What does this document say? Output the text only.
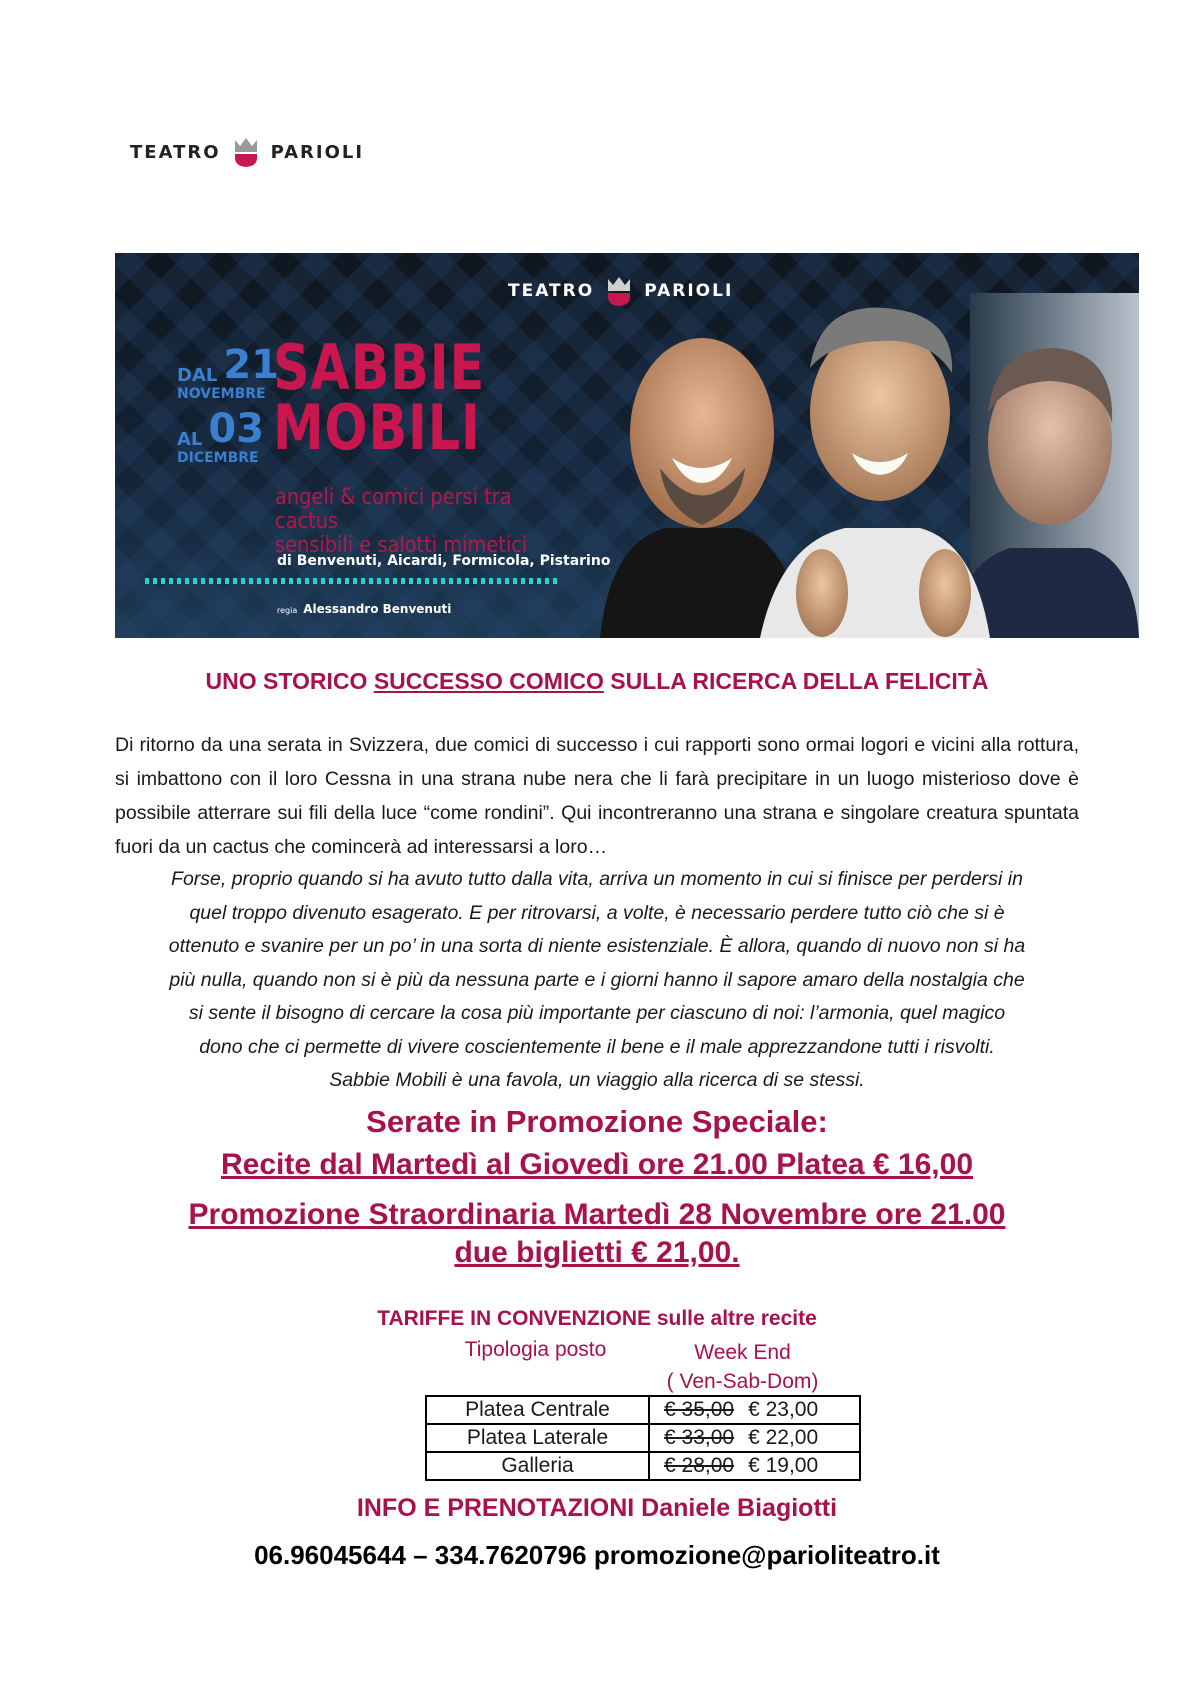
TEATRO	PARIOLI
TEATRO	PARIOLI
DAL 21
NOVEMBRE
AL 03
DICEMBRE
SABBIE
MOBILI
angeli & comici persi tra cactus
sensibili e salotti mimetici
di Benvenuti, Aicardi, Formicola, Pistarino
regia Alessandro Benvenuti
UNO STORICO SUCCESSO COMICO SULLA RICERCA DELLA FELICITÀ
Di ritorno da una serata in Svizzera, due comici di successo i cui rapporti sono ormai logori e vicini alla rottura, si imbattono con il loro Cessna in una strana nube nera che li farà precipitare in un luogo misterioso dove è possibile atterrare sui fili della luce “come rondini”. Qui incontreranno una strana e singolare creatura spuntata fuori da un cactus che comincerà ad interessarsi a loro…
Forse, proprio quando si ha avuto tutto dalla vita, arriva un momento in cui si finisce per perdersi in
quel troppo divenuto esagerato. E per ritrovarsi, a volte, è necessario perdere tutto ciò che si è
ottenuto e svanire per un po’ in una sorta di niente esistenziale. È allora, quando di nuovo non si ha
più nulla, quando non si è più da nessuna parte e i giorni hanno il sapore amaro della nostalgia che
si sente il bisogno di cercare la cosa più importante per ciascuno di noi: l’armonia, quel magico
dono che ci permette di vivere coscientemente il bene e il male apprezzandone tutti i risvolti.
Sabbie Mobili è una favola, un viaggio alla ricerca di se stessi.
Serate in Promozione Speciale:
Recite dal Martedì al Giovedì ore 21.00 Platea € 16,00
Promozione Straordinaria Martedì 28 Novembre ore 21.00
due biglietti € 21,00.
TARIFFE IN CONVENZIONE sulle altre recite
Tipologia posto	Week End
( Ven-Sab-Dom)
Platea Centrale	€ 35,00 € 23,00
Platea Laterale	€ 33,00 € 22,00
Galleria	€ 28,00 € 19,00
INFO E PRENOTAZIONI Daniele Biagiotti
06.96045644 – 334.7620796 promozione@parioliteatro.it
